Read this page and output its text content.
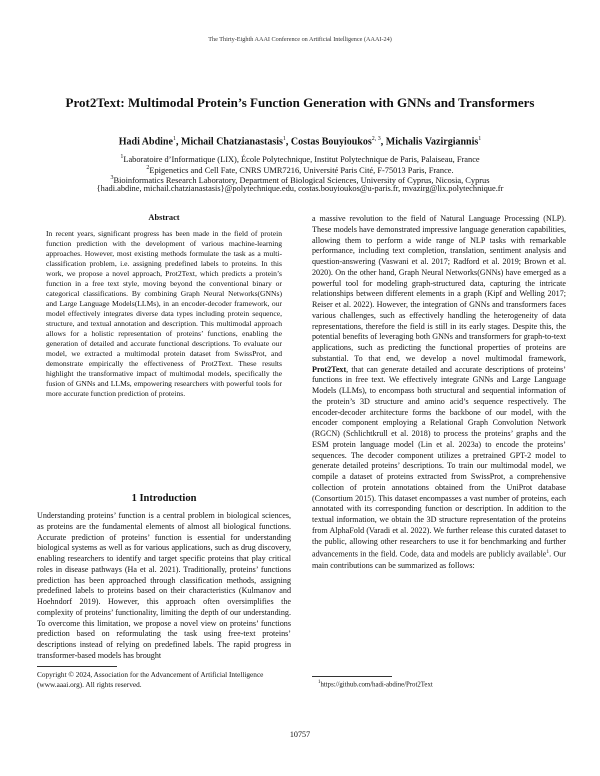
The Thirty-Eighth AAAI Conference on Artificial Intelligence (AAAI-24)
Prot2Text: Multimodal Protein’s Function Generation with GNNs and Transformers
Hadi Abdine$^1$, Michail Chatzianastasis$^1$, Costas Bouyioukos$^{2, 3}$, Michalis Vazirgiannis$^1$
$^1$Laboratoire d’Informatique (LIX), École Polytechnique, Institut Polytechnique de Paris, Palaiseau, France
$^2$Epigenetics and Cell Fate, CNRS UMR7216, Université Paris Cité, F-75013 Paris, France.
$^3$Bioinformatics Research Laboratory, Department of Biological Sciences, University of Cyprus, Nicosia, Cyprus
{hadi.abdine, michail.chatzianastasis}@polytechnique.edu, costas.bouyioukos@u-paris.fr, mvazirg@lix.polytechnique.fr
Abstract
In recent years, significant progress has been made in the field of protein function prediction with the development of various machine-learning approaches. However, most existing methods formulate the task as a multi-classification problem, i.e. assigning predefined labels to proteins. In this work, we propose a novel approach, Prot2Text, which predicts a protein’s function in a free text style, moving beyond the conventional binary or categorical classifications. By combining Graph Neural Networks(GNNs) and Large Language Models(LLMs), in an encoder-decoder framework, our model effectively integrates diverse data types including protein sequence, structure, and textual annotation and description. This multimodal approach allows for a holistic representation of proteins’ functions, enabling the generation of detailed and accurate functional descriptions. To evaluate our model, we extracted a multimodal protein dataset from SwissProt, and demonstrate empirically the effectiveness of Prot2Text. These results highlight the transformative impact of multimodal models, specifically the fusion of GNNs and LLMs, empowering researchers with powerful tools for more accurate function prediction of proteins.
1 Introduction
Understanding proteins’ function is a central problem in biological sciences, as proteins are the fundamental elements of almost all biological functions. Accurate prediction of proteins’ function is essential for understanding biological systems as well as for various applications, such as drug discovery, enabling researchers to identify and target specific proteins that play critical roles in disease pathways (Ha et al. 2021). Traditionally, proteins’ functions prediction has been approached through classification methods, assigning predefined labels to proteins based on their characteristics (Kulmanov and Hoehndorf 2019). However, this approach often oversimplifies the complexity of proteins’ functionality, limiting the depth of our understanding. To overcome this limitation, we propose a novel view on proteins’ functions prediction based on reformulating the task using free-text proteins’ descriptions instead of relying on predefined labels. The rapid progress in transformer-based models has brought
a massive revolution to the field of Natural Language Processing (NLP). These models have demonstrated impressive language generation capabilities, allowing them to perform a wide range of NLP tasks with remarkable performance, including text completion, translation, sentiment analysis and question-answering (Vaswani et al. 2017; Radford et al. 2019; Brown et al. 2020). On the other hand, Graph Neural Networks(GNNs) have emerged as a powerful tool for modeling graph-structured data, capturing the intricate relationships between different elements in a graph (Kipf and Welling 2017; Reiser et al. 2022). However, the integration of GNNs and transformers faces various challenges, such as effectively handling the heterogeneity of data representations, therefore the field is still in its early stages. Despite this, the potential benefits of leveraging both GNNs and transformers for graph-to-text applications, such as predicting the functional properties of proteins are substantial. To that end, we develop a novel multimodal framework, Prot2Text, that can generate detailed and accurate descriptions of proteins’ functions in free text. We effectively integrate GNNs and Large Language Models (LLMs), to encompass both structural and sequential information of the protein’s 3D structure and amino acid’s sequence respectively. The encoder-decoder architecture forms the backbone of our model, with the encoder component employing a Relational Graph Convolution Network (RGCN) (Schlichtkrull et al. 2018) to process the proteins’ graphs and the ESM protein language model (Lin et al. 2023a) to encode the proteins’ sequences. The decoder component utilizes a pretrained GPT-2 model to generate detailed proteins’ descriptions. To train our multimodal model, we compile a dataset of proteins extracted from SwissProt, a comprehensive collection of protein annotations obtained from the UniProt database (Consortium 2015). This dataset encompasses a vast number of proteins, each annotated with its corresponding function or description. In addition to the textual information, we obtain the 3D structure representation of the proteins from AlphaFold (Varadi et al. 2022). We further release this curated dataset to the public, allowing other researchers to use it for benchmarking and further advancements in the field. Code, data and models are publicly available$^1$. Our main contributions can be summarized as follows:
Copyright © 2024, Association for the Advancement of Artificial Intelligence (www.aaai.org). All rights reserved.	$^1$https://github.com/hadi-abdine/Prot2Text
10757
